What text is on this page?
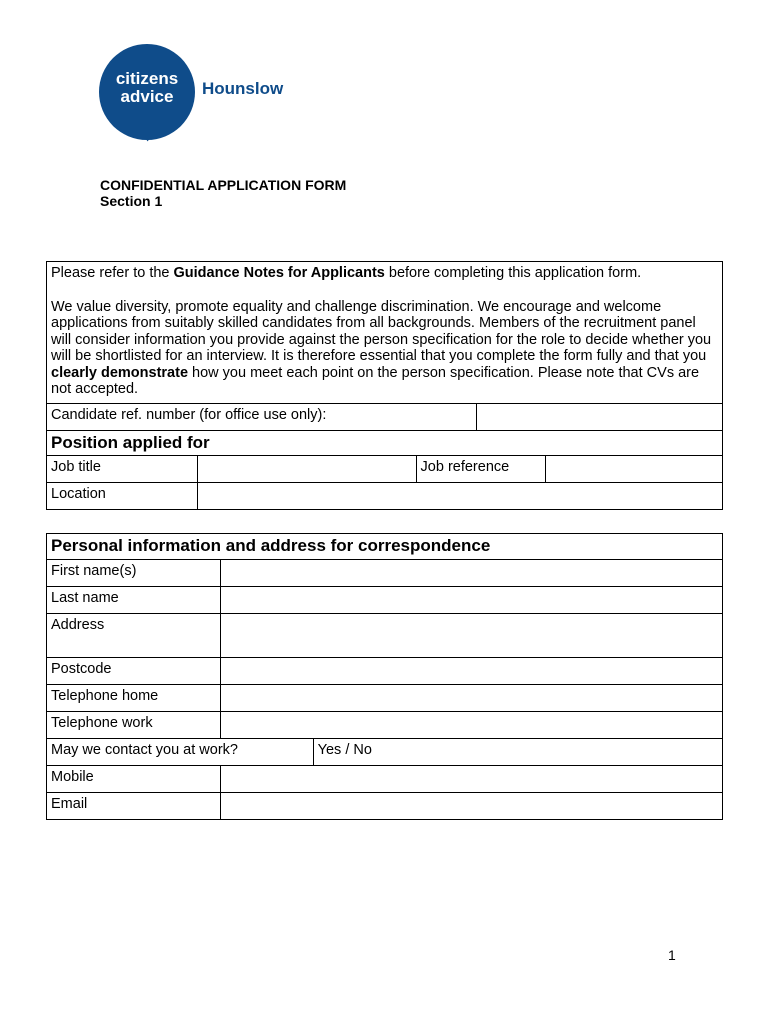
citizens
advice	Hounslow
CONFIDENTIAL APPLICATION FORM
Section 1

Please refer to the Guidance Notes for Applicants before completing this application form.

We value diversity, promote equality and challenge discrimination. We encourage and welcome applications from suitably skilled candidates from all backgrounds. Members of the recruitment panel will consider information you provide against the person specification for the role to decide whether you will be shortlisted for an interview. It is therefore essential that you complete the form fully and that you clearly demonstrate how you meet each point on the person specification. Please note that CVs are not accepted.				

Candidate ref. number (for office use only):				
Position applied for				
Job title		Job reference		
Location				
Personal information and address for correspondence		
First name(s)		
Last name		
Address		
Postcode		
Telephone home		
Telephone work		
May we contact you at work?		Yes / No
Mobile		
Email		
1
